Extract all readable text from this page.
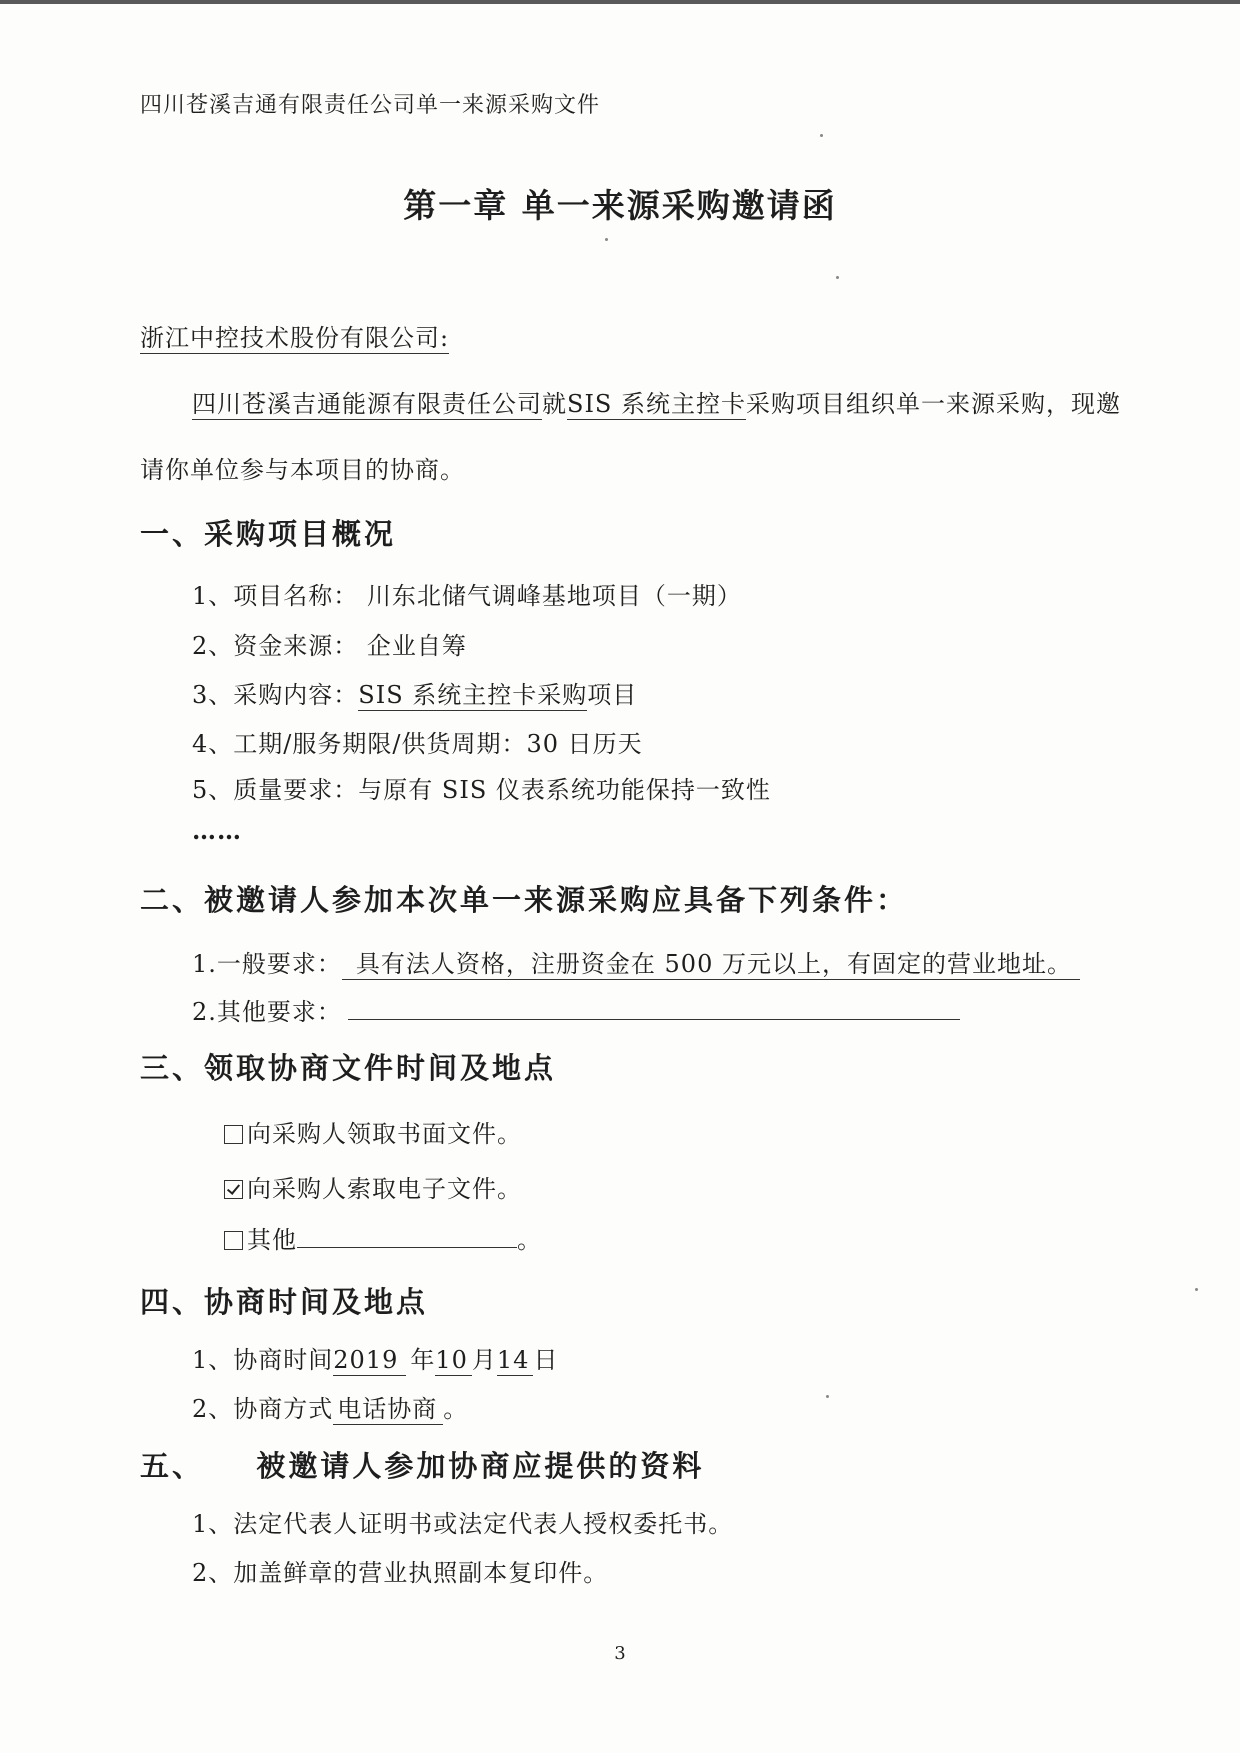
四川苍溪吉通有限责任公司单一来源采购文件
第一章 单一来源采购邀请函
浙江中控技术股份有限公司:
四川苍溪吉通能源有限责任公司就SIS 系统主控卡采购项目组织单一来源采购，现邀
请你单位参与本项目的协商。
一、采购项目概况
1、项目名称： 川东北储气调峰基地项目（一期）
2、资金来源： 企业自筹
3、采购内容：SIS 系统主控卡采购项目
4、工期/服务期限/供货周期：30 日历天
5、质量要求：与原有 SIS 仪表系统功能保持一致性
……
二、被邀请人参加本次单一来源采购应具备下列条件：
1.一般要求： 具有法人资格，注册资金在 500 万元以上，有固定的营业地址。
2.其他要求：
三、领取协商文件时间及地点
向采购人领取书面文件。
向采购人索取电子文件。
其他	。
四、协商时间及地点
1、协商时间2019 年10 月14 日
2、协商方式 电话协商 。
五、    被邀请人参加协商应提供的资料
1、法定代表人证明书或法定代表人授权委托书。
2、加盖鲜章的营业执照副本复印件。
3
